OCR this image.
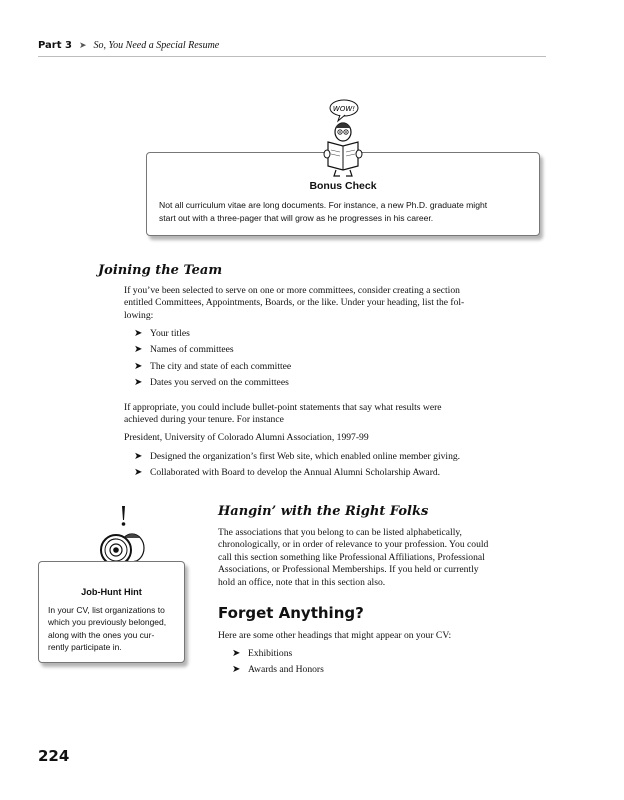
Part 3 ➤ So, You Need a Special Resume
Bonus Check
Not all curriculum vitae are long documents. For instance, a new Ph.D. graduate might
start out with a three-pager that will grow as he progresses in his career.
WOW!
Joining the Team
If you’ve been selected to serve on one or more committees, consider creating a section
entitled Committees, Appointments, Boards, or the like. Under your heading, list the fol-
lowing:
➤ Your titles
➤ Names of committees
➤ The city and state of each committee
➤ Dates you served on the committees
If appropriate, you could include bullet-point statements that say what results were
achieved during your tenure. For instance
President, University of Colorado Alumni Association, 1997-99
➤ Designed the organization’s first Web site, which enabled online member giving.
➤ Collaborated with Board to develop the Annual Alumni Scholarship Award.
Job-Hunt Hint
In your CV, list organizations to
which you previously belonged,
along with the ones you cur-
rently participate in.
Hangin’ with the Right Folks
The associations that you belong to can be listed alphabetically,
chronologically, or in order of relevance to your profession. You could
call this section something like Professional Affiliations, Professional
Associations, or Professional Memberships. If you held or currently
hold an office, note that in this section also.
Forget Anything?
Here are some other headings that might appear on your CV:
➤ Exhibitions
➤ Awards and Honors
224
